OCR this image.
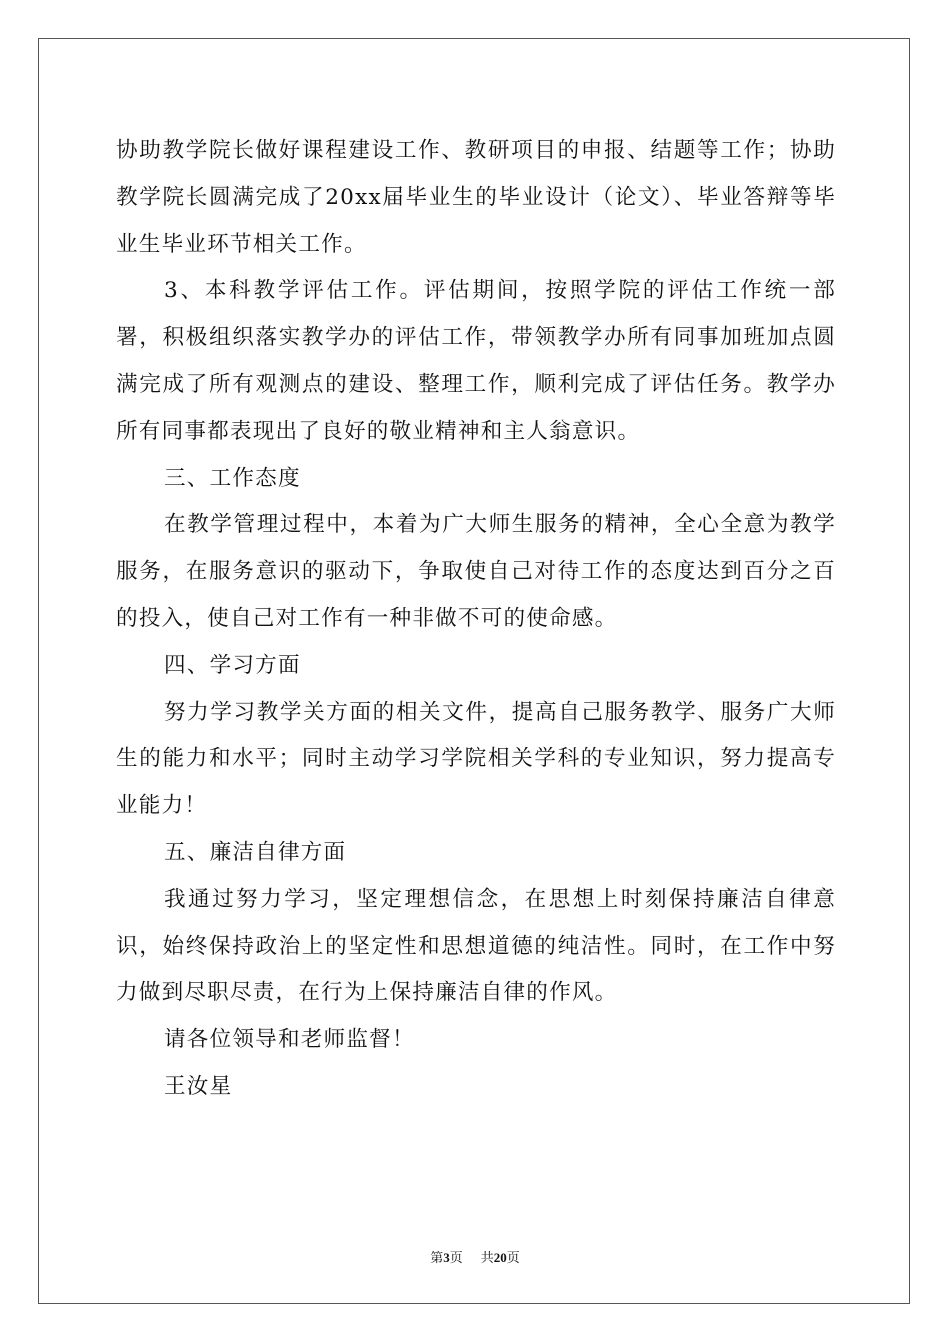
协助教学院长做好课程建设工作、教研项目的申报、结题等工作；协助教学院长圆满完成了20xx届毕业生的毕业设计（论文）、毕业答辩等毕业生毕业环节相关工作。

3、本科教学评估工作。评估期间，按照学院的评估工作统一部署，积极组织落实教学办的评估工作，带领教学办所有同事加班加点圆满完成了所有观测点的建设、整理工作，顺利完成了评估任务。教学办所有同事都表现出了良好的敬业精神和主人翁意识。

三、工作态度

在教学管理过程中，本着为广大师生服务的精神，全心全意为教学服务，在服务意识的驱动下，争取使自己对待工作的态度达到百分之百的投入，使自己对工作有一种非做不可的使命感。

四、学习方面

努力学习教学关方面的相关文件，提高自己服务教学、服务广大师生的能力和水平；同时主动学习学院相关学科的专业知识，努力提高专业能力！

五、廉洁自律方面

我通过努力学习，坚定理想信念，在思想上时刻保持廉洁自律意识，始终保持政治上的坚定性和思想道德的纯洁性。同时，在工作中努力做到尽职尽责，在行为上保持廉洁自律的作风。

请各位领导和老师监督！

王汝星

第3页 共20页
